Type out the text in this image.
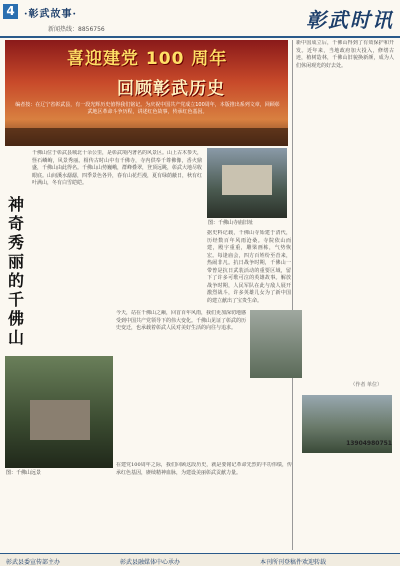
4 ·彰武故事·
新闻热线：8856756	彰武时讯
喜迎建党 100 周年
回顾彰武历史
编者按：在辽宁省彰武县，有一段光辉历史值得我们铭记。为庆祝中国共产党成立100周年，本版推出系列文章，回顾彰武地区革命斗争历程，讲述红色故事，传承红色基因。
神奇秀丽的千佛山
千佛山位于彰武县城北十余公里，是彰武境内著名的风景区。山上古木参天，怪石嶙峋，风景秀丽。相传古时山中有千佛寺，寺内供奉千尊佛像，香火鼎盛，千佛山由此得名。千佛山山势巍峨，群峰叠翠，登顶远眺，彰武大地尽收眼底。山间溪水潺潺，四季景色各异，春有山花烂漫，夏有绿荫蔽日，秋有红叶满山，冬有白雪皑皑。
图：千佛山寺庙旧址
据史料记载，千佛山寺始建于清代，历经数百年风雨沧桑。寺院依山而建，殿宇重重，雕梁画栋，气势恢宏。每逢庙会，四方百姓纷至沓来，热闹非凡。抗日战争时期，千佛山一带曾是抗日武装活动的重要区域，留下了许多可歌可泣的英雄故事。解放战争时期，人民军队在此与敌人展开激烈战斗，许多英雄儿女为了新中国的建立献出了宝贵生命。
新中国成立后，千佛山得到了有效保护和开发。近年来，当地政府加大投入，修缮古迹，植树造林，千佛山旧貌换新颜，成为人们休闲观光的好去处。
今天，站在千佛山之巅，回首百年风雨，我们更加深切地感受到中国共产党领导下的伟大变化。千佛山见证了彰武的历史变迁，也承载着彰武人民对美好生活的向往与追求。
图：千佛山远景
在建党100周年之际，我们回顾这段历史，就是要铭记革命先烈的丰功伟绩，传承红色基因，赓续精神血脉，为建设美丽彰武贡献力量。
（作者 单位）
13904980751
彰武县委宣传部主办	彰武县融媒体中心承办	本刊所刊登稿件欢迎转载
